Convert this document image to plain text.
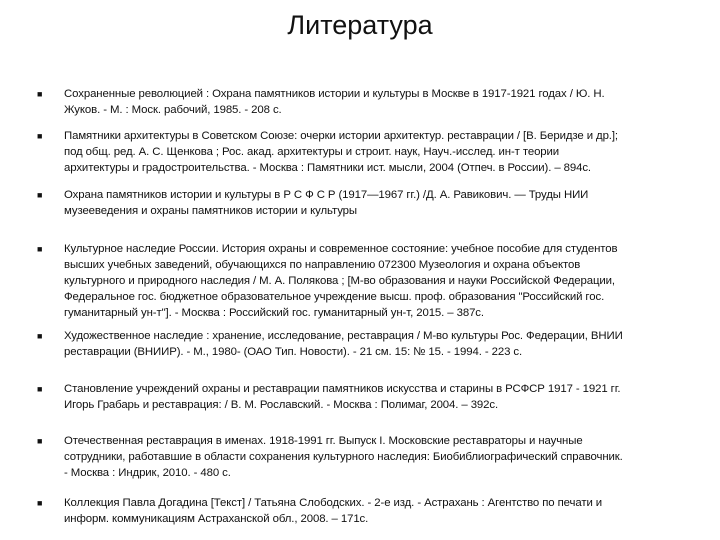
Литература
■ Сохраненные революцией : Охрана памятников истории и культуры в Москве в 1917-1921 годах / Ю. Н.
Жуков. - М. : Моск. рабочий, 1985. - 208 с.
■ Памятники архитектуры в Советском Союзе: очерки истории архитектур. реставрации / [В. Беридзе и др.];
под общ. ред. А. С. Щенкова ; Рос. акад. архитектуры и строит. наук, Науч.-исслед. ин-т теории
архитектуры и градостроительства. - Москва : Памятники ист. мысли, 2004 (Отпеч. в России). – 894с.
■ Охрана памятников истории и культуры в Р С Ф С Р (1917—1967 гг.) /Д. А. Равикович. — Труды НИИ
музееведения и охраны памятников истории и культуры
■ Культурное наследие России. История охраны и современное состояние: учебное пособие для студентов
высших учебных заведений, обучающихся по направлению 072300 Музеология и охрана объектов
культурного и природного наследия / М. А. Полякова ; [М-во образования и науки Российской Федерации,
Федеральное гос. бюджетное образовательное учреждение высш. проф. образования "Российский гос.
гуманитарный ун-т"]. - Москва : Российский гос. гуманитарный ун-т, 2015. – 387с.
■ Художественное наследие : хранение, исследование, реставрация / М-во культуры Рос. Федерации, ВНИИ
реставрации (ВНИИР). - М., 1980- (ОАО Тип. Новости). - 21 см. 15: № 15. - 1994. - 223 с.
■ Становление учреждений охраны и реставрации памятников искусства и старины в РСФСР 1917 - 1921 гг.
Игорь Грабарь и реставрация: / В. М. Рославский. - Москва : Полимаг, 2004. – 392с.
■ Отечественная реставрация в именах. 1918-1991 гг. Выпуск I. Московские реставраторы и научные
сотрудники, работавшие в области сохранения культурного наследия: Биобиблиографический справочник.
- Москва : Индрик, 2010. - 480 с.
■ Коллекция Павла Догадина [Текст] / Татьяна Слободских. - 2-е изд. - Астрахань : Агентство по печати и
информ. коммуникациям Астраханской обл., 2008. – 171с.
